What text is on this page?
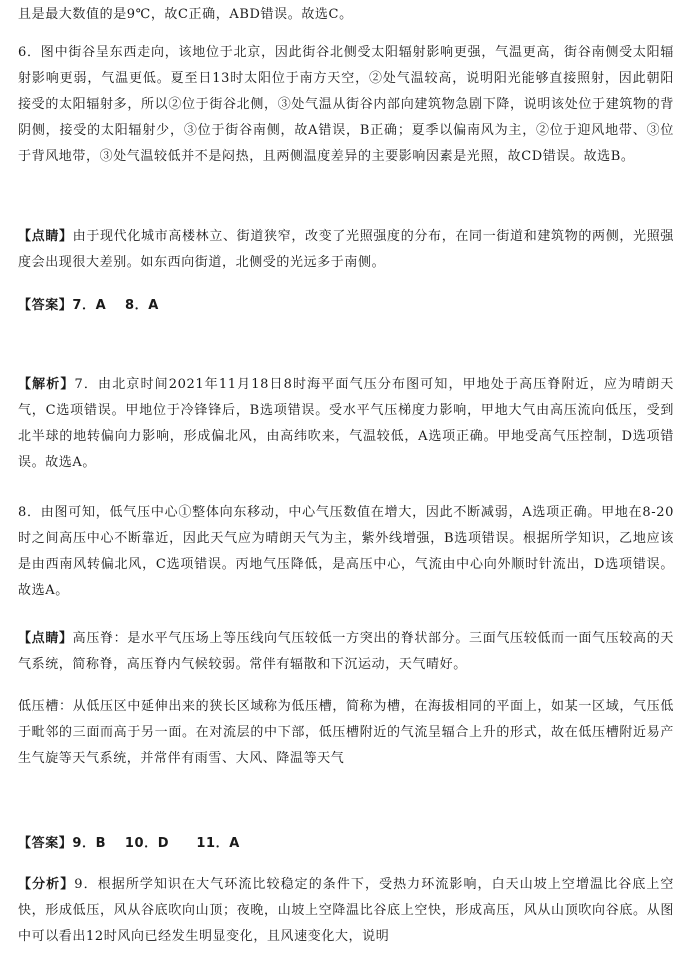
且是最大数值的是9℃，故C正确，ABD错误。故选C。

6．图中街谷呈东西走向，该地位于北京，因此街谷北侧受太阳辐射影响更强，气温更高，街谷南侧受太阳辐射影响更弱，气温更低。夏至日13时太阳位于南方天空，②处气温较高，说明阳光能够直接照射，因此朝阳接受的太阳辐射多，所以②位于街谷北侧，③处气温从街谷内部向建筑物急剧下降，说明该处位于建筑物的背阴侧，接受的太阳辐射少，③位于街谷南侧，故A错误，B正确；夏季以偏南风为主，②位于迎风地带、③位于背风地带，③处气温较低并不是闷热，且两侧温度差异的主要影响因素是光照，故CD错误。故选B。

【点睛】由于现代化城市高楼林立、街道狭窄，改变了光照强度的分布，在同一街道和建筑物的两侧，光照强度会出现很大差别。如东西向街道，北侧受的光远多于南侧。

【答案】7．A　 8．A

【解析】7．由北京时间2021年11月18日8时海平面气压分布图可知，甲地处于高压脊附近，应为晴朗天气，C选项错误。甲地位于冷锋锋后，B选项错误。受水平气压梯度力影响，甲地大气由高压流向低压，受到北半球的地转偏向力影响，形成偏北风，由高纬吹来，气温较低，A选项正确。甲地受高气压控制，D选项错误。故选A。

8．由图可知，低气压中心①整体向东移动，中心气压数值在增大，因此不断减弱，A选项正确。甲地在8-20时之间高压中心不断靠近，因此天气应为晴朗天气为主，紫外线增强，B选项错误。根据所学知识，乙地应该是由西南风转偏北风，C选项错误。丙地气压降低，是高压中心，气流由中心向外顺时针流出，D选项错误。故选A。

【点睛】高压脊：是水平气压场上等压线向气压较低一方突出的脊状部分。三面气压较低而一面气压较高的天气系统，简称脊，高压脊内气候较弱。常伴有辐散和下沉运动，天气晴好。

低压槽：从低压区中延伸出来的狭长区域称为低压槽，简称为槽，在海拔相同的平面上，如某一区域，气压低于毗邻的三面而高于另一面。在对流层的中下部，低压槽附近的气流呈辐合上升的形式，故在低压槽附近易产生气旋等天气系统，并常伴有雨雪、大风、降温等天气

【答案】9．B　 10．D　　11．A

【分析】9．根据所学知识在大气环流比较稳定的条件下，受热力环流影响，白天山坡上空增温比谷底上空快，形成低压，风从谷底吹向山顶；夜晚，山坡上空降温比谷底上空快，形成高压，风从山顶吹向谷底。从图中可以看出12时风向已经发生明显变化，且风速变化大，说明
